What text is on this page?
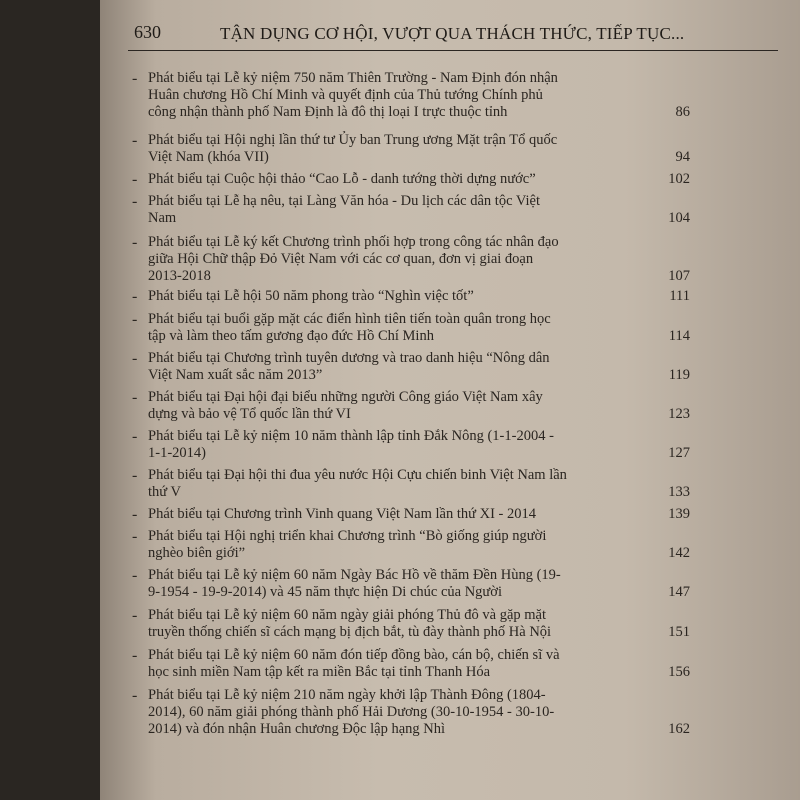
630	TẬN DỤNG CƠ HỘI, VƯỢT QUA THÁCH THỨC, TIẾP TỤC...
- Phát biểu tại Lễ kỷ niệm 750 năm Thiên Trường - Nam Định đón nhận Huân chương Hồ Chí Minh và quyết định của Thủ tướng Chính phủ công nhận thành phố Nam Định là đô thị loại I trực thuộc tỉnh	86
- Phát biểu tại Hội nghị lần thứ tư Ủy ban Trung ương Mặt trận Tổ quốc Việt Nam (khóa VII)	94
- Phát biểu tại Cuộc hội thảo “Cao Lỗ - danh tướng thời dựng nước”	102
- Phát biểu tại Lễ hạ nêu, tại Làng Văn hóa - Du lịch các dân tộc Việt Nam	104
- Phát biểu tại Lễ ký kết Chương trình phối hợp trong công tác nhân đạo giữa Hội Chữ thập Đỏ Việt Nam với các cơ quan, đơn vị giai đoạn 2013-2018	107
- Phát biểu tại Lễ hội 50 năm phong trào “Nghìn việc tốt”	111
- Phát biểu tại buổi gặp mặt các điển hình tiên tiến toàn quân trong học tập và làm theo tấm gương đạo đức Hồ Chí Minh	114
- Phát biểu tại Chương trình tuyên dương và trao danh hiệu “Nông dân Việt Nam xuất sắc năm 2013”	119
- Phát biểu tại Đại hội đại biểu những người Công giáo Việt Nam xây dựng và bảo vệ Tổ quốc lần thứ VI	123
- Phát biểu tại Lễ kỷ niệm 10 năm thành lập tỉnh Đắk Nông (1-1-2004 - 1-1-2014)	127
- Phát biểu tại Đại hội thi đua yêu nước Hội Cựu chiến binh Việt Nam lần thứ V	133
- Phát biểu tại Chương trình Vinh quang Việt Nam lần thứ XI - 2014	139
- Phát biểu tại Hội nghị triển khai Chương trình “Bò giống giúp người nghèo biên giới”	142
- Phát biểu tại Lễ kỷ niệm 60 năm Ngày Bác Hồ về thăm Đền Hùng (19-9-1954 - 19-9-2014) và 45 năm thực hiện Di chúc của Người	147
- Phát biểu tại Lễ kỷ niệm 60 năm ngày giải phóng Thủ đô và gặp mặt truyền thống chiến sĩ cách mạng bị địch bắt, tù đày thành phố Hà Nội	151
- Phát biểu tại Lễ kỷ niệm 60 năm đón tiếp đồng bào, cán bộ, chiến sĩ và học sinh miền Nam tập kết ra miền Bắc tại tỉnh Thanh Hóa	156
- Phát biểu tại Lễ kỷ niệm 210 năm ngày khởi lập Thành Đông (1804-2014), 60 năm giải phóng thành phố Hải Dương (30-10-1954 - 30-10-2014) và đón nhận Huân chương Độc lập hạng Nhì	162
